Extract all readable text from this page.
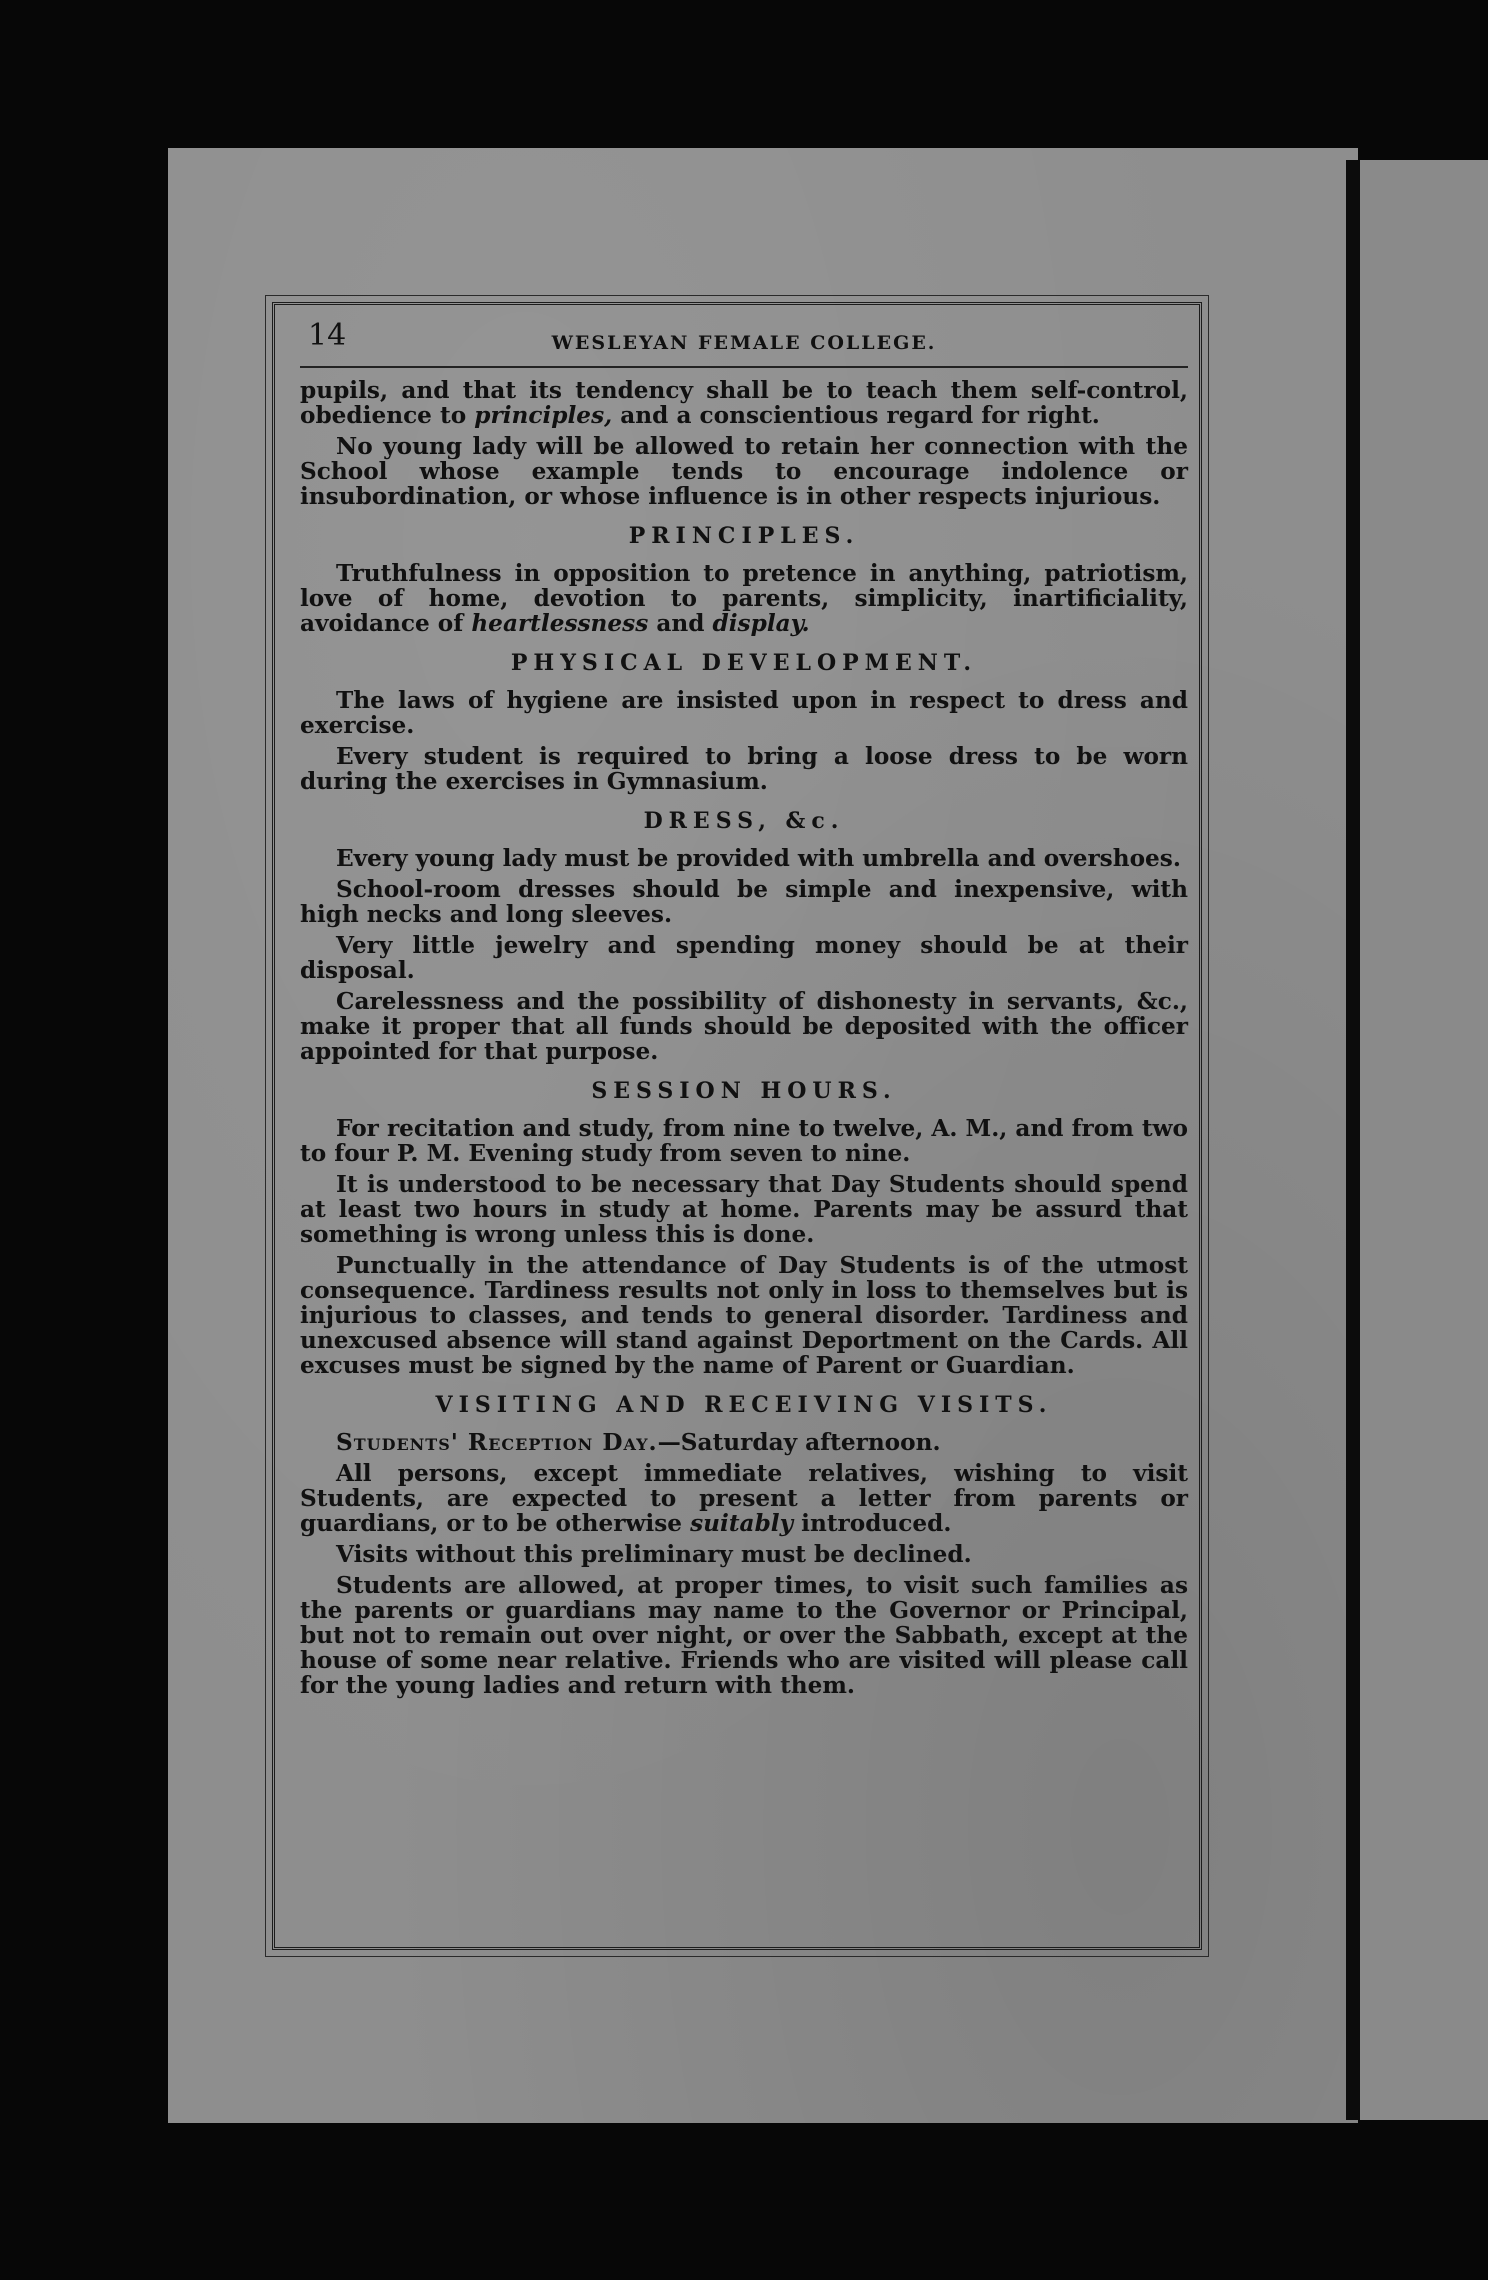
14	WESLEYAN FEMALE COLLEGE.

pupils, and that its tendency shall be to teach them self-control, obedience to principles, and a conscientious regard for right.

No young lady will be allowed to retain her connection with the School whose example tends to encourage indolence or insubordination, or whose influence is in other respects injurious.

PRINCIPLES.

Truthfulness in opposition to pretence in anything, patriotism, love of home, devotion to parents, simplicity, inartificiality, avoidance of heartlessness and display.

PHYSICAL DEVELOPMENT.

The laws of hygiene are insisted upon in respect to dress and exercise.

Every student is required to bring a loose dress to be worn during the exercises in Gymnasium.

DRESS, &c.

Every young lady must be provided with umbrella and overshoes.

School-room dresses should be simple and inexpensive, with high necks and long sleeves.

Very little jewelry and spending money should be at their disposal.

Carelessness and the possibility of dishonesty in servants, &c., make it proper that all funds should be deposited with the officer appointed for that purpose.

SESSION HOURS.

For recitation and study, from nine to twelve, A. M., and from two to four P. M. Evening study from seven to nine.

It is understood to be necessary that Day Students should spend at least two hours in study at home. Parents may be assurd that something is wrong unless this is done.

Punctually in the attendance of Day Students is of the utmost consequence. Tardiness results not only in loss to themselves but is injurious to classes, and tends to general disorder. Tardiness and unexcused absence will stand against Deportment on the Cards. All excuses must be signed by the name of Parent or Guardian.

VISITING AND RECEIVING VISITS.

Students' Reception Day.—Saturday afternoon.

All persons, except immediate relatives, wishing to visit Students, are expected to present a letter from parents or guardians, or to be otherwise suitably introduced.

Visits without this preliminary must be declined.

Students are allowed, at proper times, to visit such families as the parents or guardians may name to the Governor or Principal, but not to remain out over night, or over the Sabbath, except at the house of some near relative. Friends who are visited will please call for the young ladies and return with them.
